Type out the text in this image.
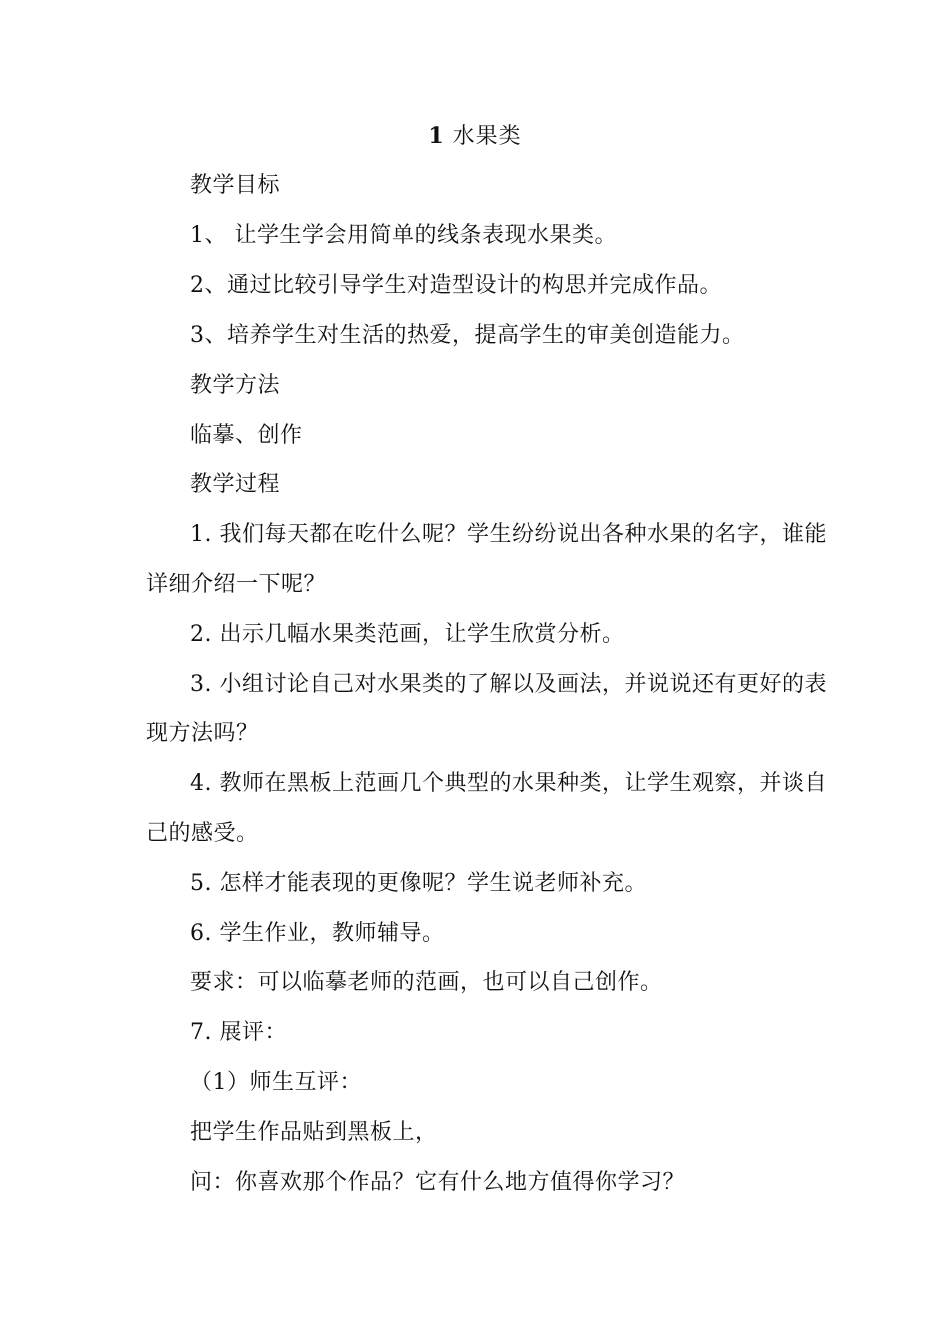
1 水果类
教学目标
1、 让学生学会用简单的线条表现水果类。
2、通过比较引导学生对造型设计的构思并完成作品。
3、培养学生对生活的热爱，提高学生的审美创造能力。
教学方法
临摹、创作
教学过程
1. 我们每天都在吃什么呢？学生纷纷说出各种水果的名字，谁能
详细介绍一下呢？
2. 出示几幅水果类范画，让学生欣赏分析。
3. 小组讨论自己对水果类的了解以及画法，并说说还有更好的表
现方法吗？
4. 教师在黑板上范画几个典型的水果种类，让学生观察，并谈自
己的感受。
5. 怎样才能表现的更像呢？学生说老师补充。
6. 学生作业，教师辅导。
要求：可以临摹老师的范画，也可以自己创作。
7. 展评：
（1）师生互评：
把学生作品贴到黑板上，
问：你喜欢那个作品？它有什么地方值得你学习？
